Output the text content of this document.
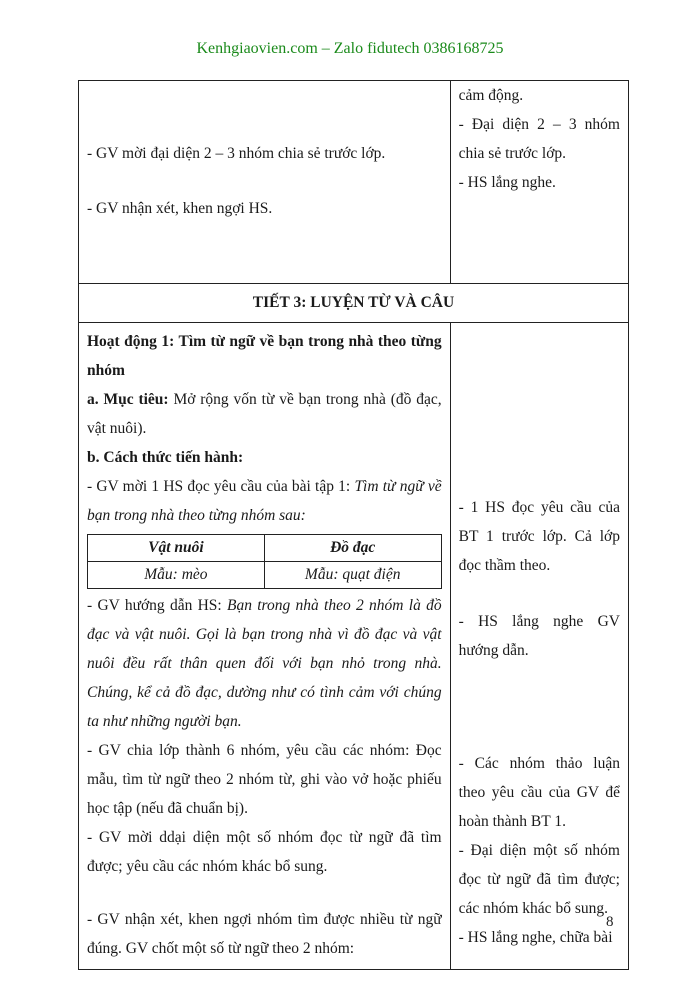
Kenhgiaovien.com – Zalo fidutech 0386168725
- GV mời đại diện 2 – 3 nhóm chia sẻ trước lớp.
- GV nhận xét, khen ngợi HS.

cảm động.
- Đại diện 2 – 3 nhóm chia sẻ trước lớp.
- HS lắng nghe.

TIẾT 3: LUYỆN TỪ VÀ CÂU

Hoạt động 1: Tìm từ ngữ về bạn trong nhà theo từng nhóm
a. Mục tiêu: Mở rộng vốn từ về bạn trong nhà (đồ đạc, vật nuôi).
b. Cách thức tiến hành:
- GV mời 1 HS đọc yêu cầu của bài tập 1: Tìm từ ngữ về bạn trong nhà theo từng nhóm sau:
Vật nuôi	Đồ đạc
Mẫu: mèo	Mẫu: quạt điện
- GV hướng dẫn HS: Bạn trong nhà theo 2 nhóm là đồ đạc và vật nuôi. Gọi là bạn trong nhà vì đồ đạc và vật nuôi đều rất thân quen đối với bạn nhỏ trong nhà. Chúng, kể cả đồ đạc, dường như có tình cảm với chúng ta như những người bạn.
- GV chia lớp thành 6 nhóm, yêu cầu các nhóm: Đọc mẫu, tìm từ ngữ theo 2 nhóm từ, ghi vào vở hoặc phiếu học tập (nếu đã chuẩn bị).
- GV mời ddại diện một số nhóm đọc từ ngữ đã tìm được; yêu cầu các nhóm khác bổ sung.
- GV nhận xét, khen ngợi nhóm tìm được nhiều từ ngữ đúng. GV chốt một số từ ngữ theo 2 nhóm:

- 1 HS đọc yêu cầu của BT 1 trước lớp. Cả lớp đọc thầm theo.
- HS lắng nghe GV hướng dẫn.
- Các nhóm thảo luận theo yêu cầu của GV để hoàn thành BT 1.
- Đại diện một số nhóm đọc từ ngữ đã tìm được; các nhóm khác bổ sung.
- HS lắng nghe, chữa bài
8
